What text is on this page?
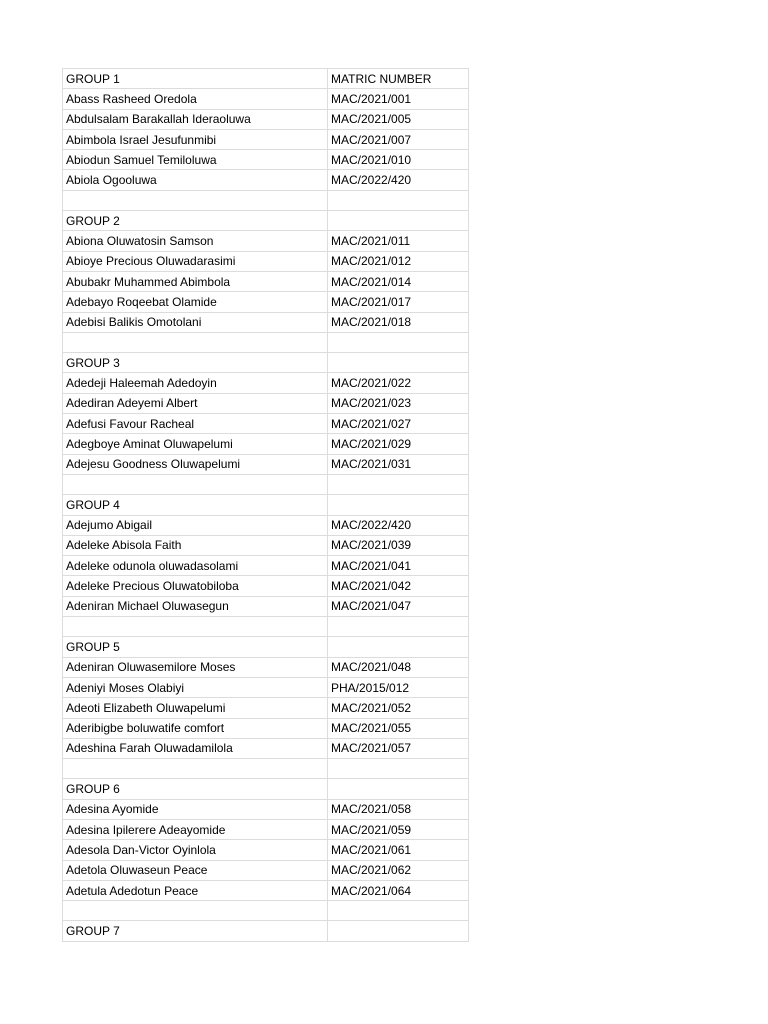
GROUP 1	MATRIC NUMBER
Abass Rasheed Oredola	MAC/2021/001
Abdulsalam Barakallah Ideraoluwa	MAC/2021/005
Abimbola Israel Jesufunmibi	MAC/2021/007
Abiodun Samuel Temiloluwa	MAC/2021/010
Abiola Ogooluwa	MAC/2022/420

GROUP 2	
Abiona Oluwatosin Samson	MAC/2021/011
Abioye Precious Oluwadarasimi	MAC/2021/012
Abubakr Muhammed Abimbola	MAC/2021/014
Adebayo Roqeebat Olamide	MAC/2021/017
Adebisi Balikis Omotolani	MAC/2021/018

GROUP 3	
Adedeji Haleemah Adedoyin	MAC/2021/022
Adediran Adeyemi Albert	MAC/2021/023
Adefusi Favour Racheal	MAC/2021/027
Adegboye Aminat Oluwapelumi	MAC/2021/029
Adejesu Goodness Oluwapelumi	MAC/2021/031

GROUP 4	
Adejumo Abigail	MAC/2022/420
Adeleke Abisola Faith	MAC/2021/039
Adeleke odunola oluwadasolami	MAC/2021/041
Adeleke Precious Oluwatobiloba	MAC/2021/042
Adeniran Michael Oluwasegun	MAC/2021/047

GROUP 5	
Adeniran Oluwasemilore Moses	MAC/2021/048
Adeniyi Moses Olabiyi	PHA/2015/012
Adeoti Elizabeth Oluwapelumi	MAC/2021/052
Aderibigbe boluwatife comfort	MAC/2021/055
Adeshina Farah Oluwadamilola	MAC/2021/057

GROUP 6	
Adesina Ayomide	MAC/2021/058
Adesina Ipilerere Adeayomide	MAC/2021/059
Adesola Dan-Victor Oyinlola	MAC/2021/061
Adetola Oluwaseun Peace	MAC/2021/062
Adetula Adedotun Peace	MAC/2021/064

GROUP 7	
